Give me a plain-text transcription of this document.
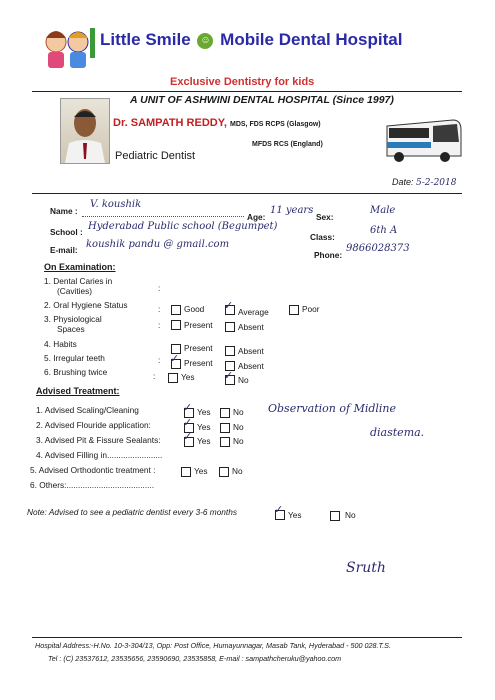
Little Smile ☺ Mobile Dental Hospital
Exclusive Dentistry for kids
A UNIT OF ASHWINI DENTAL HOSPITAL (Since 1997)
Dr. SAMPATH REDDY, MDS, FDS RCPS (Glasgow)
MFDS RCS (England)
Pediatric Dentist
Date: 5-2-2018
Name :
V. koushik
Age:
11 years
Sex:
Male
School : Hyderabad Public school (Begumpet)
Class:
6th A
E-mail: koushik pandu @ gmail.com
Phone:
9866028373
On Examination:
1. Dental Caries in
(Cavities)	:
2. Oral Hygiene Status	:	Good ✓ Average	Poor
3. Physiological
Spaces	:	Present	Absent
4. Habits	Present	Absent
5. Irregular teeth	: ✓ Present	Absent
6. Brushing twice	:	Yes	✓ No
Advised Treatment:
1. Advised Scaling/Cleaning	✓ Yes	No
2. Advised Flouride application:	✓ Yes	No
3. Advised Pit & Fissure Sealants: ✓ Yes	No
4. Advised Filling in........................
5. Advised Orthodontic treatment :	Yes	No
6. Others:......................................
Observation of Midline
diastema.
Note: Advised to see a pediatric dentist every 3-6 months	✓ Yes	No
Sruth
Hospital Address:-H.No. 10-3-304/13, Opp: Post Office, Humayunnagar, Masab Tank, Hyderabad - 500 028.T.S.
Tel : (C) 23537612, 23535656, 23590690, 23535858, E-mail : sampathcheruku@yahoo.com
